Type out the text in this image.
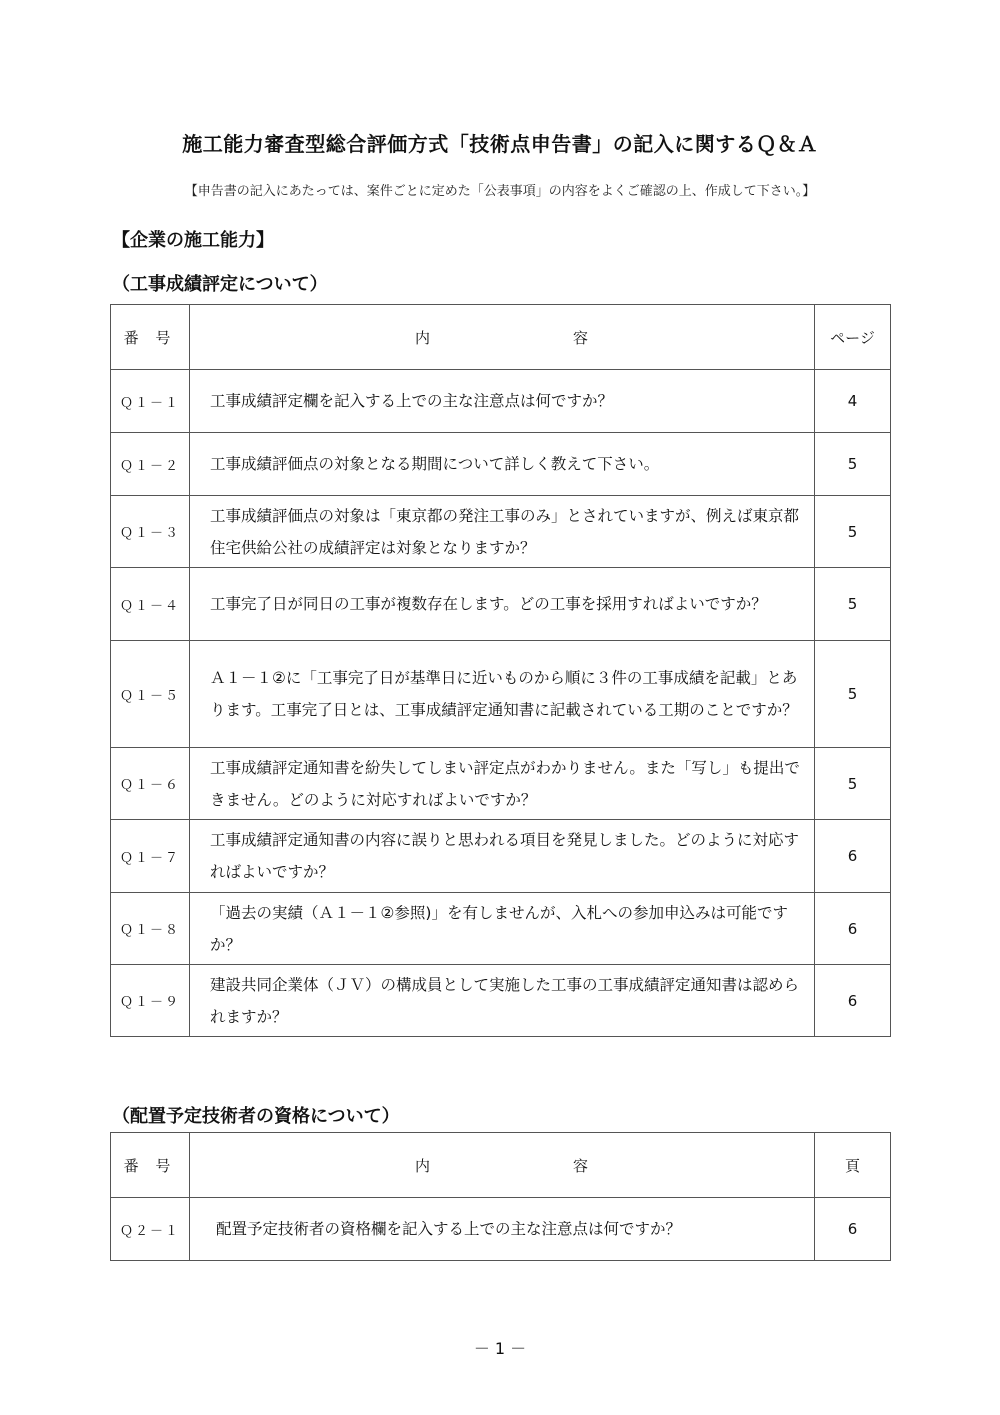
施工能力審査型総合評価方式「技術点申告書」の記入に関するＱ＆Ａ
【申告書の記入にあたっては、案件ごとに定めた「公表事項」の内容をよくご確認の上、作成して下さい。】
【企業の施工能力】
（工事成績評定について）
番 号	内　容	ページ
Ｑ１－１	工事成績評定欄を記入する上での主な注意点は何ですか？	4
Ｑ１－２	工事成績評価点の対象となる期間について詳しく教えて下さい。	5
Ｑ１－３	工事成績評価点の対象は「東京都の発注工事のみ」とされていますが、例えば東京都住宅供給公社の成績評定は対象となりますか？	5
Ｑ１－４	工事完了日が同日の工事が複数存在します。どの工事を採用すればよいですか？	5
Ｑ１－５	Ａ１－１②に「工事完了日が基準日に近いものから順に３件の工事成績を記載」とあります。工事完了日とは、工事成績評定通知書に記載されている工期のことですか？	5
Ｑ１－６	工事成績評定通知書を紛失してしまい評定点がわかりません。また「写し」も提出できません。どのように対応すればよいですか？	5
Ｑ１－７	工事成績評定通知書の内容に誤りと思われる項目を発見しました。どのように対応すればよいですか？	6
Ｑ１－８	「過去の実績（Ａ１－１②参照)」を有しませんが、入札への参加申込みは可能ですか？	6
Ｑ１－９	建設共同企業体（ＪＶ）の構成員として実施した工事の工事成績評定通知書は認められますか？	6
（配置予定技術者の資格について）
番 号	内　容	頁
Ｑ２－１	配置予定技術者の資格欄を記入する上での主な注意点は何ですか？	6
－ 1 －
